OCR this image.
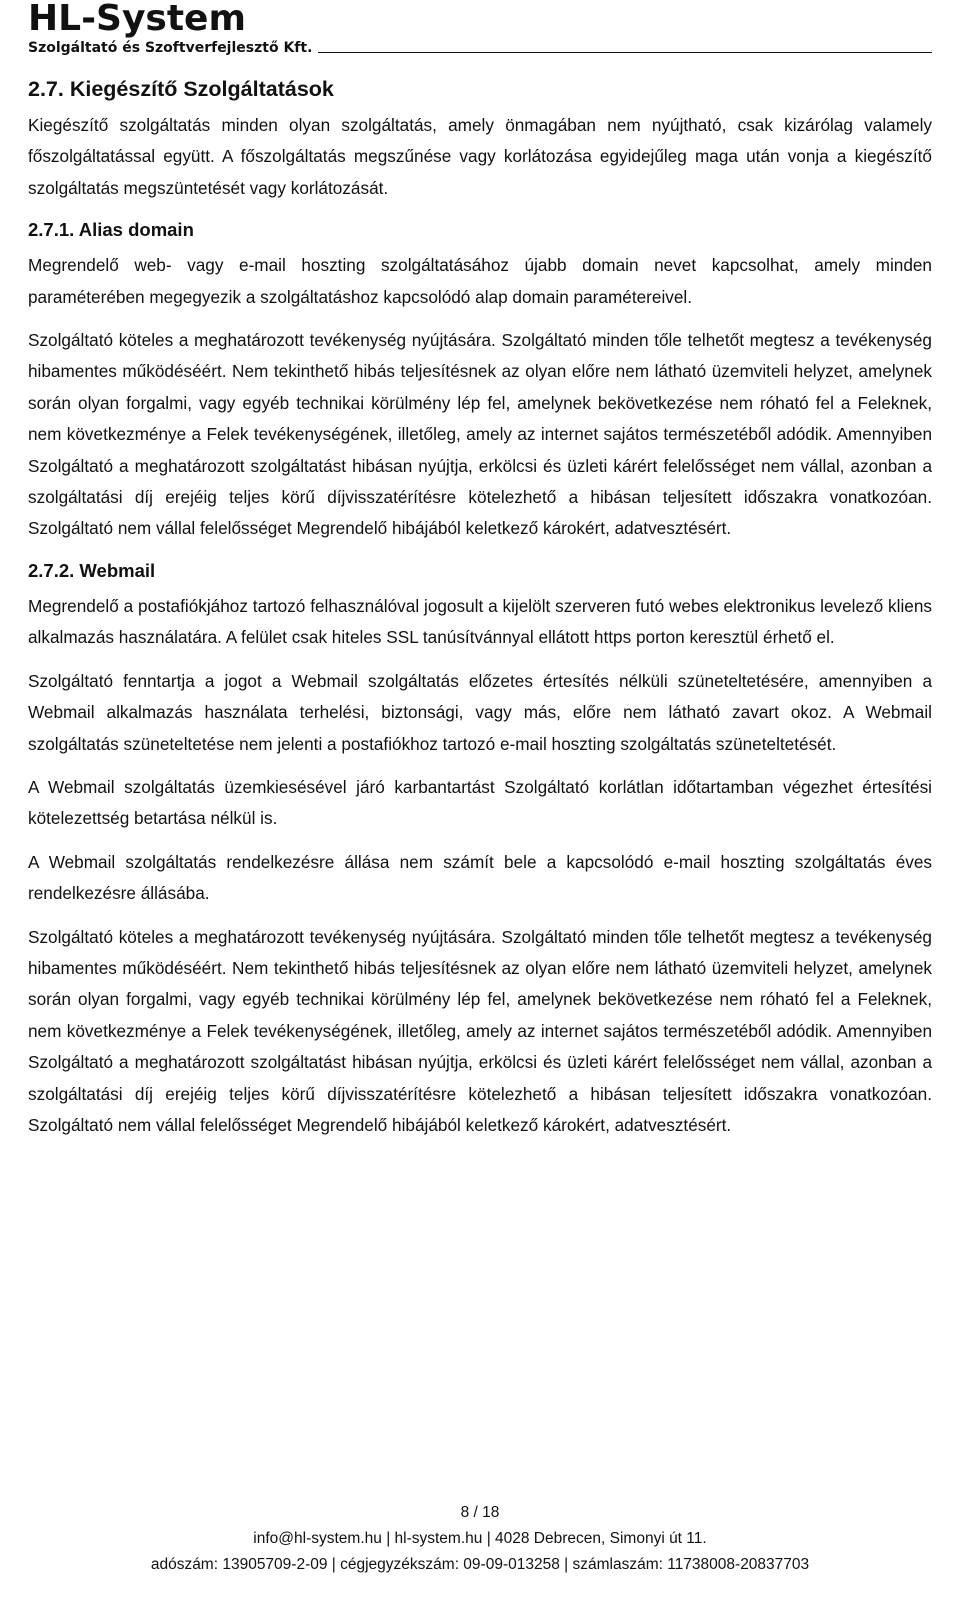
HL-System
Szolgáltató és Szoftverfejlesztő Kft.
2.7. Kiegészítő Szolgáltatások

Kiegészítő szolgáltatás minden olyan szolgáltatás, amely önmagában nem nyújtható, csak kizárólag valamely főszolgáltatással együtt. A főszolgáltatás megszűnése vagy korlátozása egyidejűleg maga után vonja a kiegészítő szolgáltatás megszüntetését vagy korlátozását.

2.7.1. Alias domain

Megrendelő web- vagy e-mail hoszting szolgáltatásához újabb domain nevet kapcsolhat, amely minden paraméterében megegyezik a szolgáltatáshoz kapcsolódó alap domain paramétereivel.

Szolgáltató köteles a meghatározott tevékenység nyújtására. Szolgáltató minden tőle telhetőt megtesz a tevékenység hibamentes működéséért. Nem tekinthető hibás teljesítésnek az olyan előre nem látható üzemviteli helyzet, amelynek során olyan forgalmi, vagy egyéb technikai körülmény lép fel, amelynek bekövetkezése nem róható fel a Feleknek, nem következménye a Felek tevékenységének, illetőleg, amely az internet sajátos természetéből adódik. Amennyiben Szolgáltató a meghatározott szolgáltatást hibásan nyújtja, erkölcsi és üzleti kárért felelősséget nem vállal, azonban a szolgáltatási díj erejéig teljes körű díjvisszatérítésre kötelezhető a hibásan teljesített időszakra vonatkozóan. Szolgáltató nem vállal felelősséget Megrendelő hibájából keletkező károkért, adatvesztésért.

2.7.2. Webmail

Megrendelő a postafiókjához tartozó felhasználóval jogosult a kijelölt szerveren futó webes elektronikus levelező kliens alkalmazás használatára. A felület csak hiteles SSL tanúsítvánnyal ellátott https porton keresztül érhető el.

Szolgáltató fenntartja a jogot a Webmail szolgáltatás előzetes értesítés nélküli szüneteltetésére, amennyiben a Webmail alkalmazás használata terhelési, biztonsági, vagy más, előre nem látható zavart okoz. A Webmail szolgáltatás szüneteltetése nem jelenti a postafiókhoz tartozó e-mail hoszting szolgáltatás szüneteltetését.

A Webmail szolgáltatás üzemkiesésével járó karbantartást Szolgáltató korlátlan időtartamban végezhet értesítési kötelezettség betartása nélkül is.

A Webmail szolgáltatás rendelkezésre állása nem számít bele a kapcsolódó e-mail hoszting szolgáltatás éves rendelkezésre állásába.

Szolgáltató köteles a meghatározott tevékenység nyújtására. Szolgáltató minden tőle telhetőt megtesz a tevékenység hibamentes működéséért. Nem tekinthető hibás teljesítésnek az olyan előre nem látható üzemviteli helyzet, amelynek során olyan forgalmi, vagy egyéb technikai körülmény lép fel, amelynek bekövetkezése nem róható fel a Feleknek, nem következménye a Felek tevékenységének, illetőleg, amely az internet sajátos természetéből adódik. Amennyiben Szolgáltató a meghatározott szolgáltatást hibásan nyújtja, erkölcsi és üzleti kárért felelősséget nem vállal, azonban a szolgáltatási díj erejéig teljes körű díjvisszatérítésre kötelezhető a hibásan teljesített időszakra vonatkozóan. Szolgáltató nem vállal felelősséget Megrendelő hibájából keletkező károkért, adatvesztésért.

8 / 18
info@hl-system.hu | hl-system.hu | 4028 Debrecen, Simonyi út 11.
adószám: 13905709-2-09 | cégjegyzékszám: 09-09-013258 | számlaszám: 11738008-20837703
